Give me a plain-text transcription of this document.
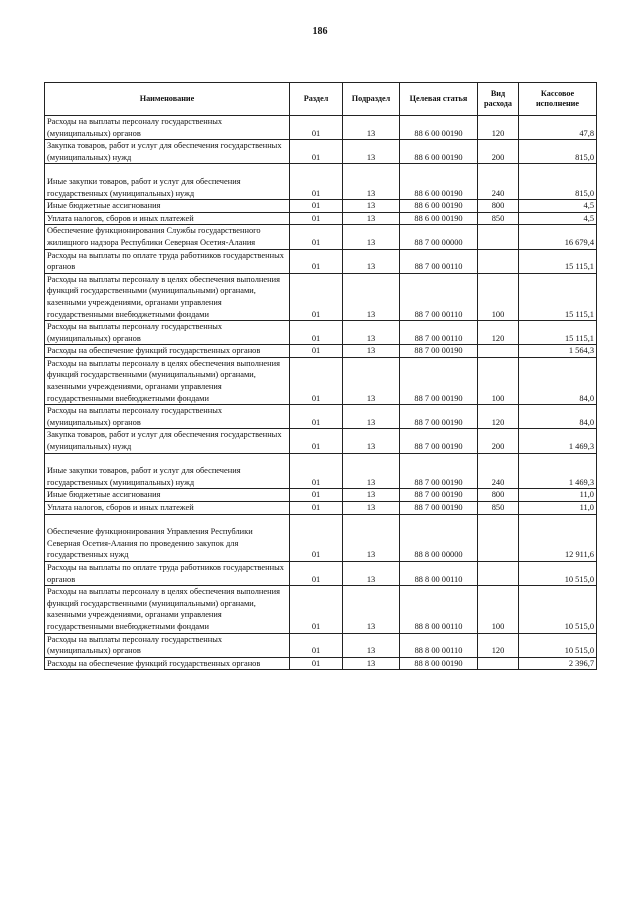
186
Наименование	Раздел	Подраздел	Целевая статья	Вид расхода	Кассовое исполнение
Расходы на выплаты персоналу государственных (муниципальных) органов	01	13	88 6 00 00190	120	47,8
Закупка товаров, работ и услуг для обеспечения государственных (муниципальных) нужд	01	13	88 6 00 00190	200	815,0

Иные закупки товаров, работ и услуг для обеспечения государственных (муниципальных) нужд	01	13	88 6 00 00190	240	815,0
Иные бюджетные ассигнования	01	13	88 6 00 00190	800	4,5
Уплата налогов, сборов и иных платежей	01	13	88 6 00 00190	850	4,5
Обеспечение функционирования Службы государственного жилищного надзора Республики Северная Осетия-Алания	01	13	88 7 00 00000		16 679,4
Расходы на выплаты по оплате труда работников государственных органов	01	13	88 7 00 00110		15 115,1
Расходы на выплаты персоналу в целях обеспечения выполнения функций государственными (муниципальными) органами, казенными учреждениями, органами управления государственными внебюджетными фондами	01	13	88 7 00 00110	100	15 115,1
Расходы на выплаты персоналу государственных (муниципальных) органов	01	13	88 7 00 00110	120	15 115,1
Расходы на обеспечение функций государственных органов	01	13	88 7 00 00190		1 564,3
Расходы на выплаты персоналу в целях обеспечения выполнения функций государственными (муниципальными) органами, казенными учреждениями, органами управления государственными внебюджетными фондами	01	13	88 7 00 00190	100	84,0
Расходы на выплаты персоналу государственных (муниципальных) органов	01	13	88 7 00 00190	120	84,0
Закупка товаров, работ и услуг для обеспечения государственных (муниципальных) нужд	01	13	88 7 00 00190	200	1 469,3

Иные закупки товаров, работ и услуг для обеспечения государственных (муниципальных) нужд	01	13	88 7 00 00190	240	1 469,3
Иные бюджетные ассигнования	01	13	88 7 00 00190	800	11,0
Уплата налогов, сборов и иных платежей	01	13	88 7 00 00190	850	11,0

Обеспечение функционирования Управления Республики Северная Осетия-Алания по проведению закупок для государственных нужд	01	13	88 8 00 00000		12 911,6
Расходы на выплаты по оплате труда работников государственных органов	01	13	88 8 00 00110		10 515,0
Расходы на выплаты персоналу в целях обеспечения выполнения функций государственными (муниципальными) органами, казенными учреждениями, органами управления государственными внебюджетными фондами	01	13	88 8 00 00110	100	10 515,0
Расходы на выплаты персоналу государственных (муниципальных) органов	01	13	88 8 00 00110	120	10 515,0
Расходы на обеспечение функций государственных органов	01	13	88 8 00 00190		2 396,7
